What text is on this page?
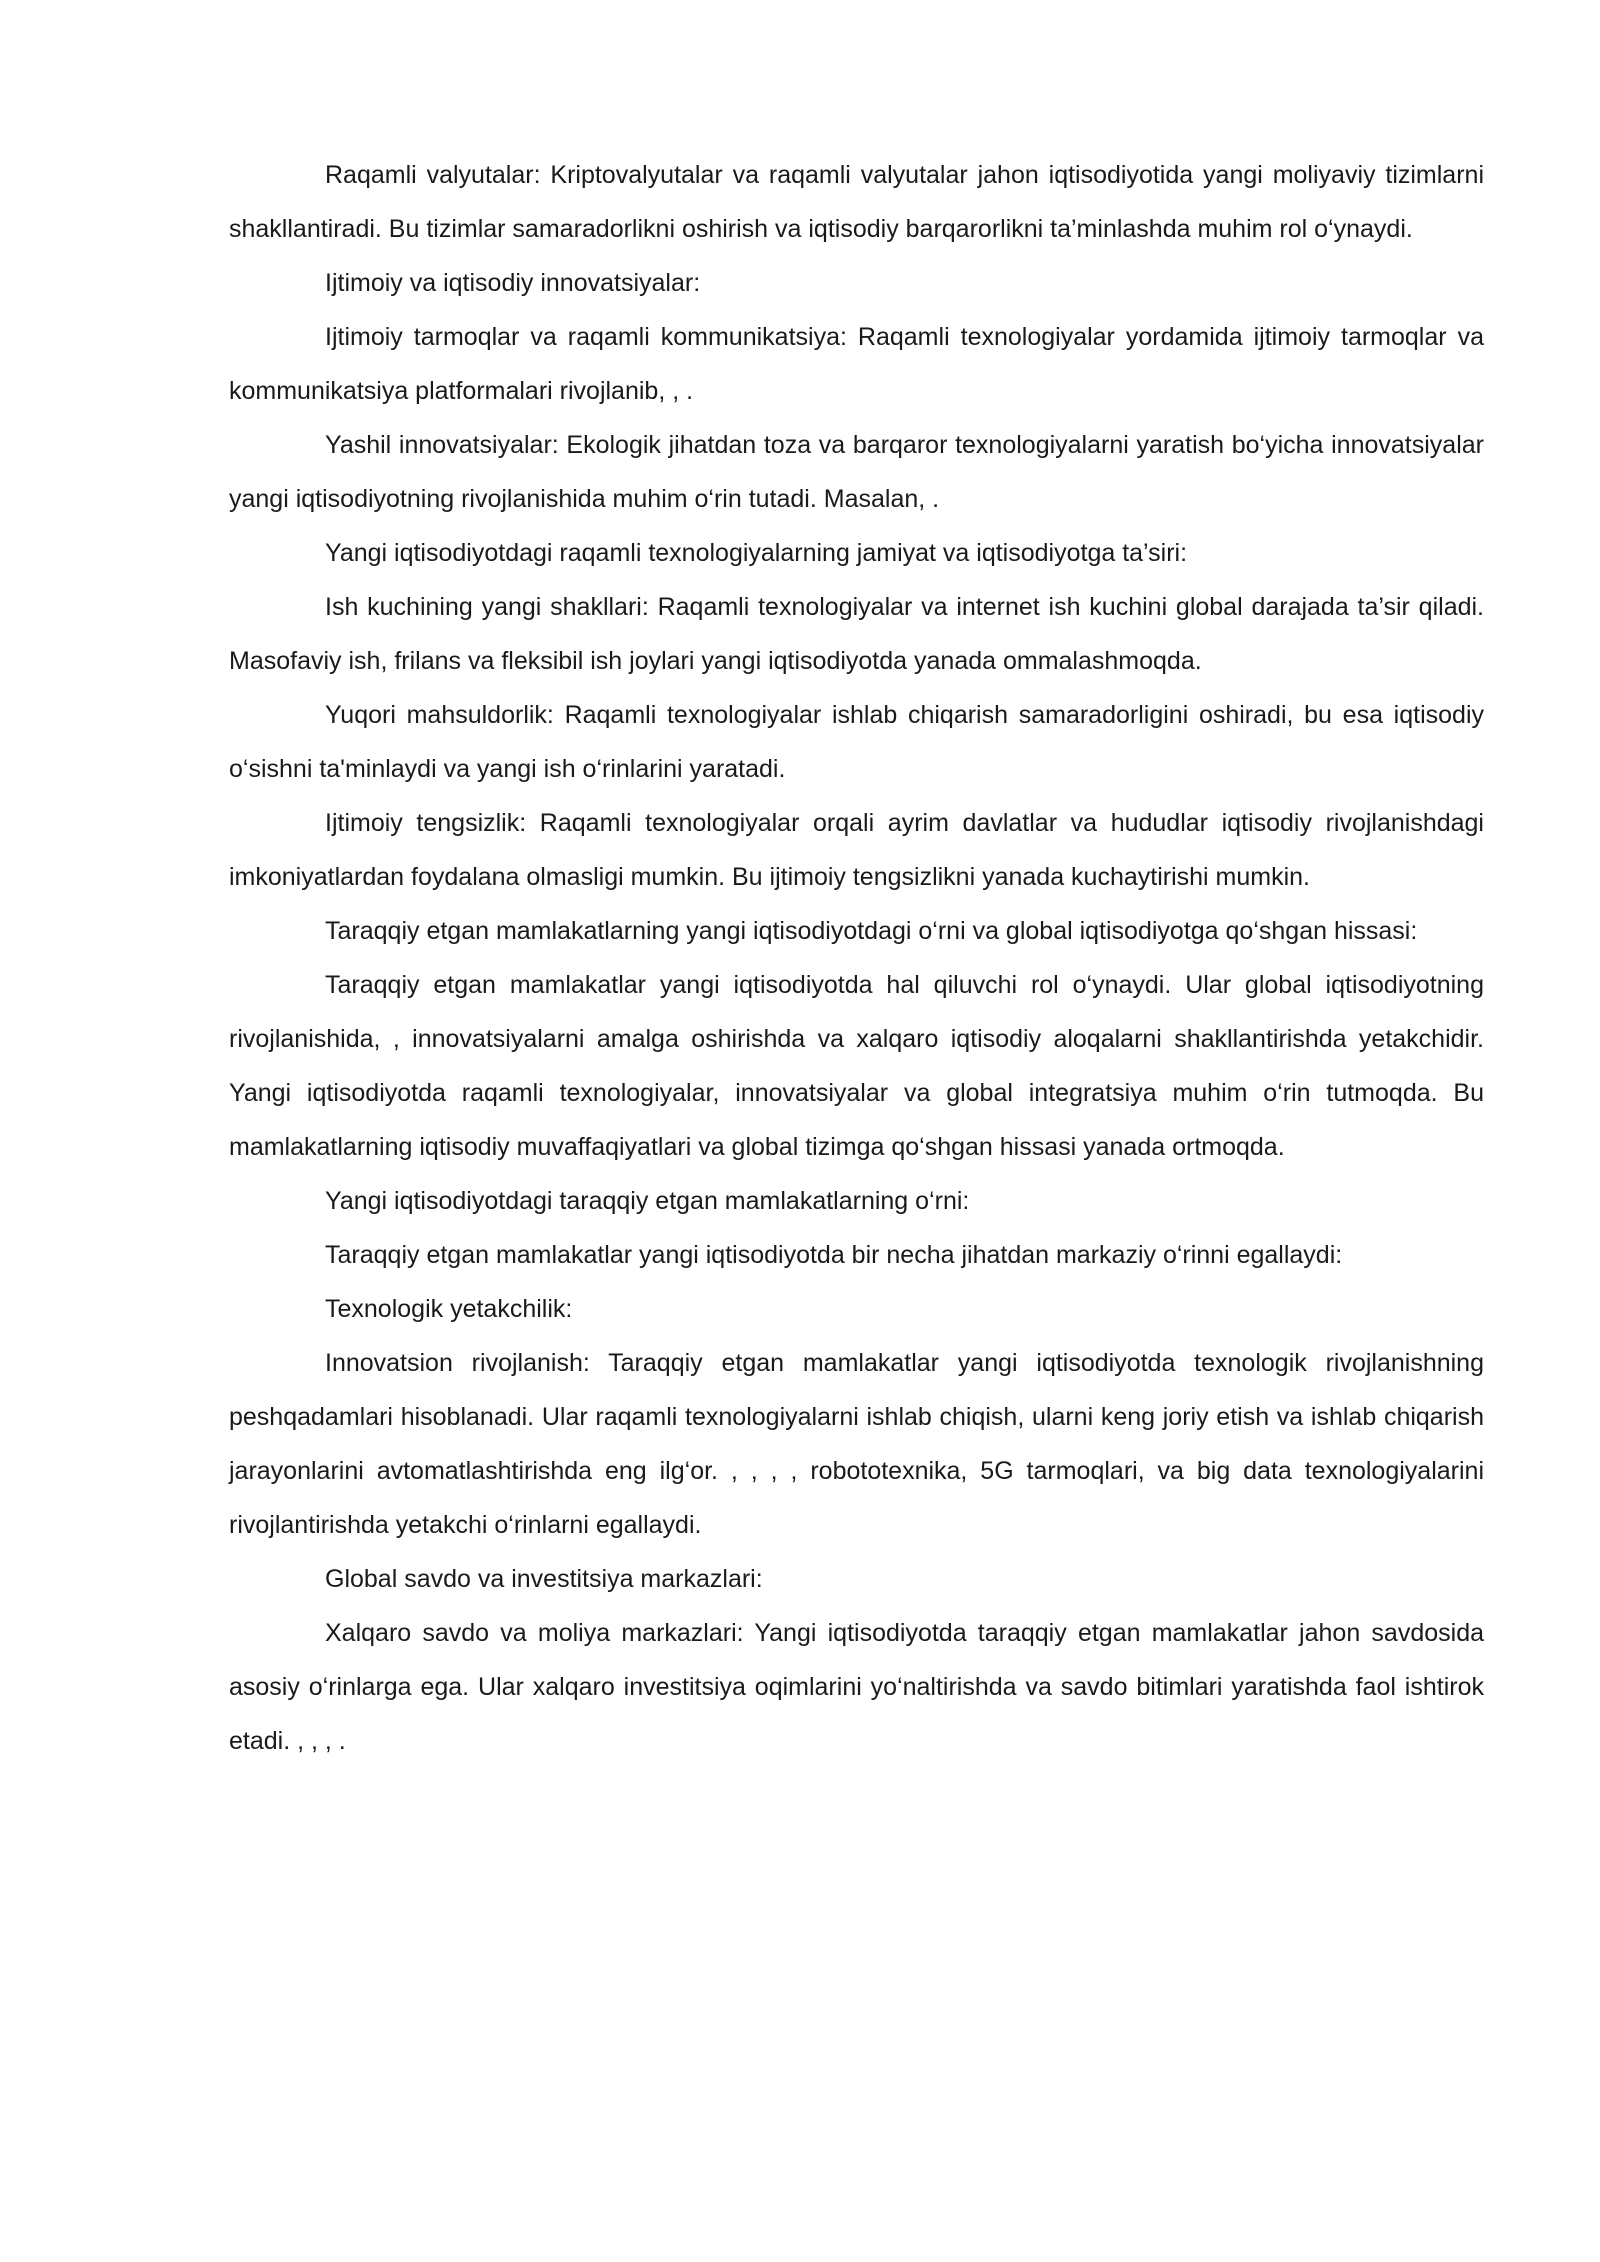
Raqamli valyutalar: Kriptovalyutalar va raqamli valyutalar jahon iqtisodiyotida yangi moliyaviy tizimlarni shakllantiradi. Bu tizimlar samaradorlikni oshirish va iqtisodiy barqarorlikni ta’minlashda muhim rol o‘ynaydi.

Ijtimoiy va iqtisodiy innovatsiyalar:

Ijtimoiy tarmoqlar va raqamli kommunikatsiya: Raqamli texnologiyalar yordamida ijtimoiy tarmoqlar va kommunikatsiya platformalari rivojlanib, , .

Yashil innovatsiyalar: Ekologik jihatdan toza va barqaror texnologiyalarni yaratish bo‘yicha innovatsiyalar yangi iqtisodiyotning rivojlanishida muhim o‘rin tutadi. Masalan, .

Yangi iqtisodiyotdagi raqamli texnologiyalarning jamiyat va iqtisodiyotga ta’siri:

Ish kuchining yangi shakllari: Raqamli texnologiyalar va internet ish kuchini global darajada ta’sir qiladi. Masofaviy ish, frilans va fleksibil ish joylari yangi iqtisodiyotda yanada ommalashmoqda.

Yuqori mahsuldorlik: Raqamli texnologiyalar ishlab chiqarish samaradorligini oshiradi, bu esa iqtisodiy o‘sishni ta'minlaydi va yangi ish o‘rinlarini yaratadi.

Ijtimoiy tengsizlik: Raqamli texnologiyalar orqali ayrim davlatlar va hududlar iqtisodiy rivojlanishdagi imkoniyatlardan foydalana olmasligi mumkin. Bu ijtimoiy tengsizlikni yanada kuchaytirishi mumkin.

Taraqqiy etgan mamlakatlarning yangi iqtisodiyotdagi o‘rni va global iqtisodiyotga qo‘shgan hissasi:

Taraqqiy etgan mamlakatlar yangi iqtisodiyotda hal qiluvchi rol o‘ynaydi. Ular global iqtisodiyotning rivojlanishida, , innovatsiyalarni amalga oshirishda va xalqaro iqtisodiy aloqalarni shakllantirishda yetakchidir. Yangi iqtisodiyotda raqamli texnologiyalar, innovatsiyalar va global integratsiya muhim o‘rin tutmoqda. Bu mamlakatlarning iqtisodiy muvaffaqiyatlari va global tizimga qo‘shgan hissasi yanada ortmoqda.

Yangi iqtisodiyotdagi taraqqiy etgan mamlakatlarning o‘rni:

Taraqqiy etgan mamlakatlar yangi iqtisodiyotda bir necha jihatdan markaziy o‘rinni egallaydi:

Texnologik yetakchilik:

Innovatsion rivojlanish: Taraqqiy etgan mamlakatlar yangi iqtisodiyotda texnologik rivojlanishning peshqadamlari hisoblanadi. Ular raqamli texnologiyalarni ishlab chiqish, ularni keng joriy etish va ishlab chiqarish jarayonlarini avtomatlashtirishda eng ilg‘or. , , , , robototexnika, 5G tarmoqlari, va big data texnologiyalarini rivojlantirishda yetakchi o‘rinlarni egallaydi.

Global savdo va investitsiya markazlari:

Xalqaro savdo va moliya markazlari: Yangi iqtisodiyotda taraqqiy etgan mamlakatlar jahon savdosida asosiy o‘rinlarga ega. Ular xalqaro investitsiya oqimlarini yo‘naltirishda va savdo bitimlari yaratishda faol ishtirok etadi. , , , .
